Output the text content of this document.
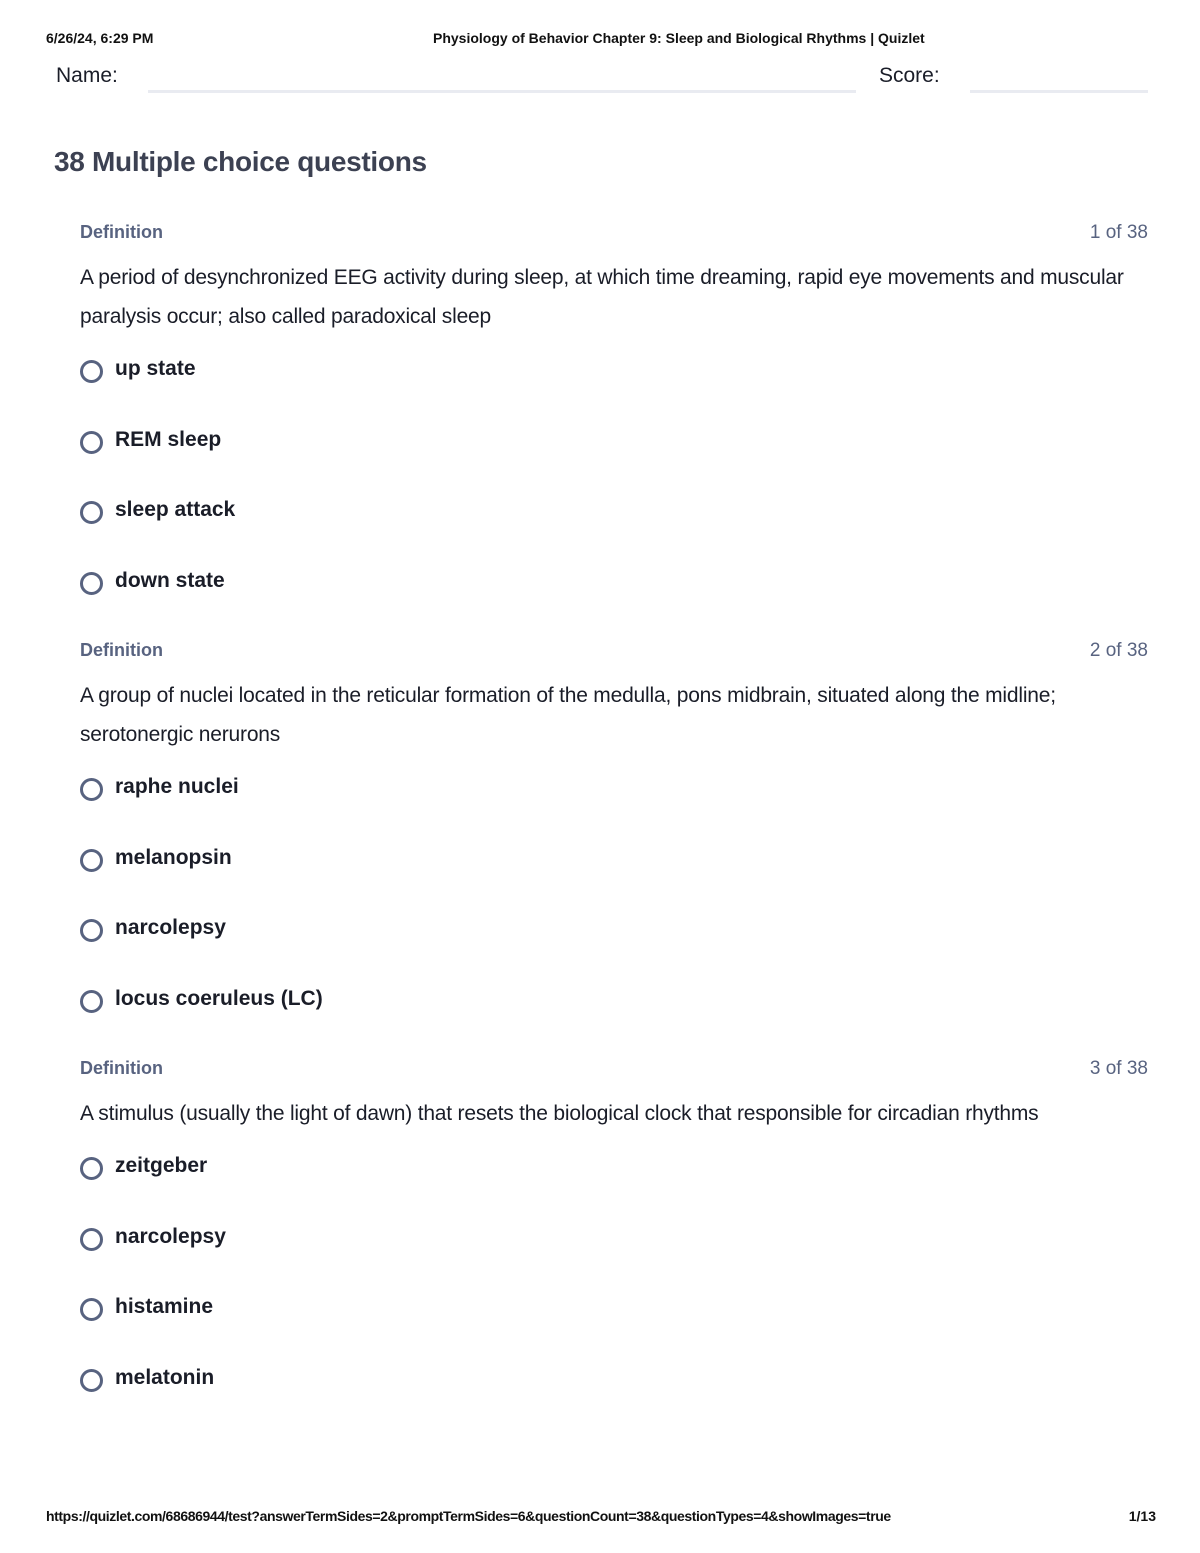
6/26/24, 6:29 PM	Physiology of Behavior Chapter 9: Sleep and Biological Rhythms | Quizlet
Name:	Score:
38 Multiple choice questions
Definition	1 of 38

A period of desynchronized EEG activity during sleep, at which time dreaming, rapid eye movements and muscular paralysis occur; also called paradoxical sleep

up state
REM sleep
sleep attack
down state
Definition	2 of 38

A group of nuclei located in the reticular formation of the medulla, pons midbrain, situated along the midline; serotonergic nerurons

raphe nuclei
melanopsin
narcolepsy
locus coeruleus (LC)
Definition	3 of 38

A stimulus (usually the light of dawn) that resets the biological clock that responsible for circadian rhythms

zeitgeber
narcolepsy
histamine
melatonin
https://quizlet.com/68686944/test?answerTermSides=2&promptTermSides=6&questionCount=38&questionTypes=4&showImages=true	1/13
